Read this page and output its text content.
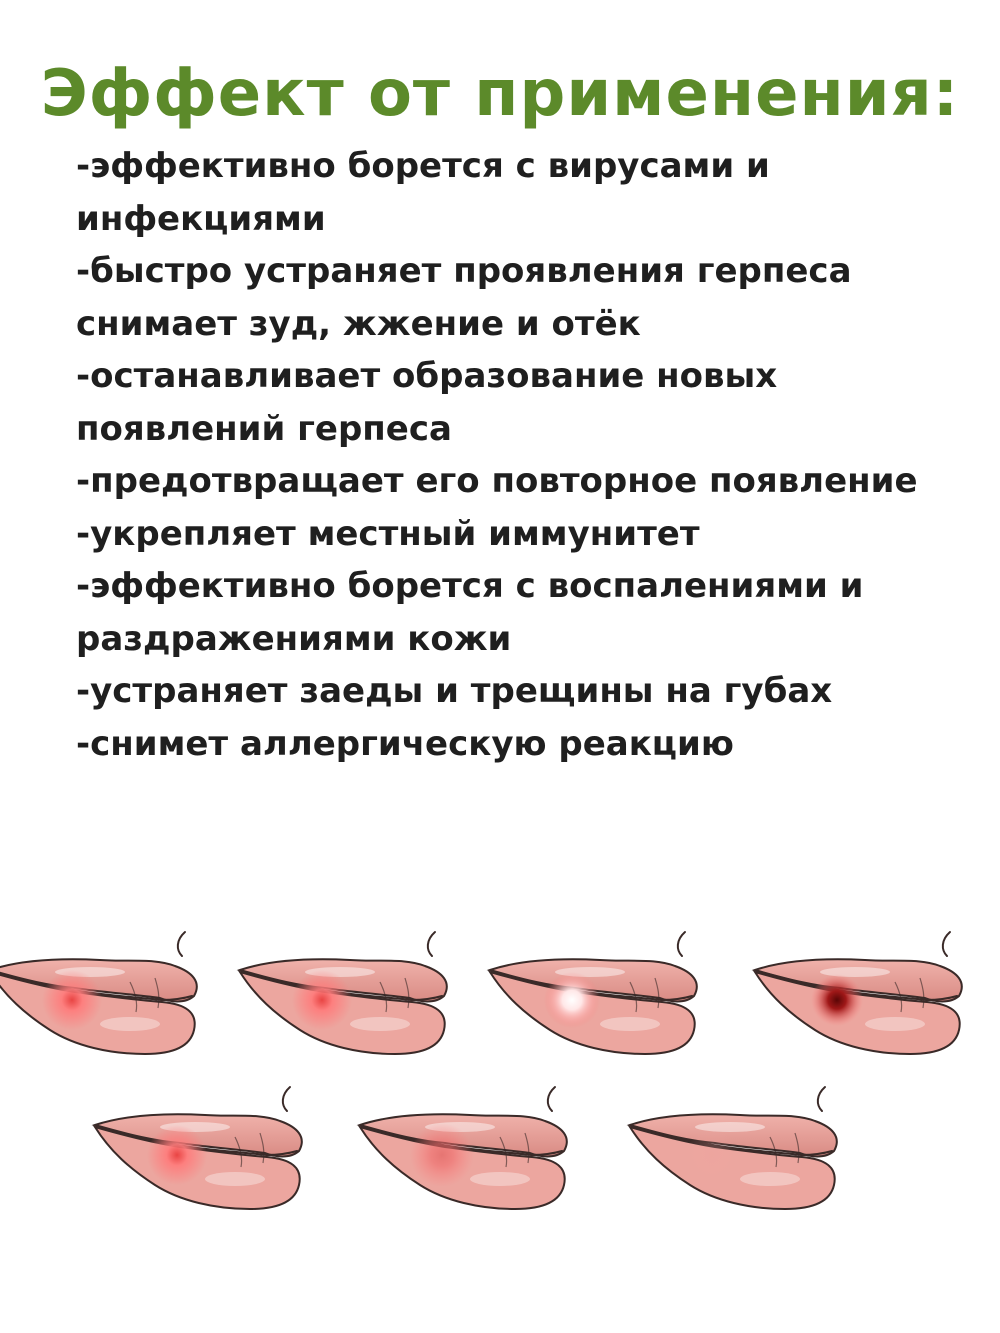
Эффект от применения:
-эффективно борется с вирусами и
инфекциями
-быстро устраняет проявления герпеса
снимает зуд, жжение и отёк
-останавливает образование новых
появлений герпеса
-предотвращает его повторное появление
-укрепляет местный иммунитет
-эффективно борется с воспалениями и
раздражениями кожи
-устраняет заеды и трещины на губах
-снимет аллергическую реакцию
